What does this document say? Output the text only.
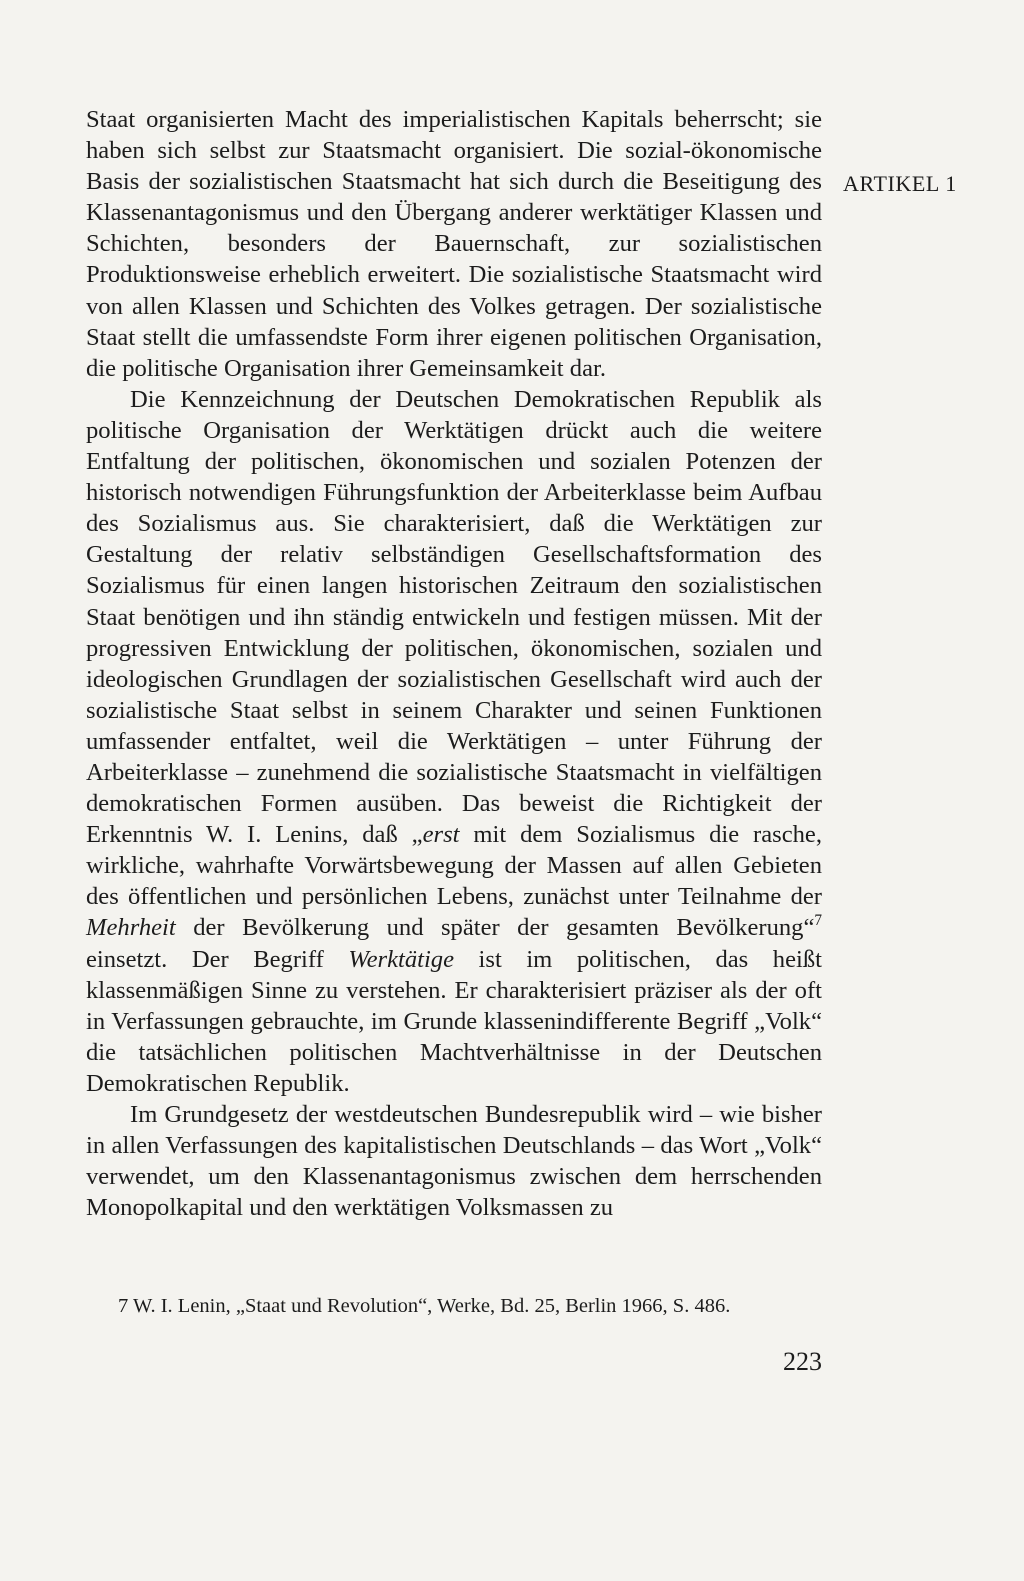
Staat organisierten Macht des imperialistischen Kapitals beherrscht; sie haben sich selbst zur Staatsmacht organisiert. Die sozial-ökonomische Basis der sozialistischen Staatsmacht hat sich durch die Beseitigung des Klassenantagonismus und den Übergang anderer werktätiger Klassen und Schichten, besonders der Bauernschaft, zur sozialistischen Produktionsweise erheblich erweitert. Die sozialistische Staatsmacht wird von allen Klassen und Schichten des Volkes getragen. Der sozialistische Staat stellt die umfassendste Form ihrer eigenen politischen Organisation, die politische Organisation ihrer Gemeinsamkeit dar.

Die Kennzeichnung der Deutschen Demokratischen Republik als politische Organisation der Werktätigen drückt auch die weitere Entfaltung der politischen, ökonomischen und sozialen Potenzen der historisch notwendigen Führungsfunktion der Arbeiterklasse beim Aufbau des Sozialismus aus. Sie charakterisiert, daß die Werktätigen zur Gestaltung der relativ selbständigen Gesellschaftsformation des Sozialismus für einen langen historischen Zeitraum den sozialistischen Staat benötigen und ihn ständig entwickeln und festigen müssen. Mit der progressiven Entwicklung der politischen, ökonomischen, sozialen und ideologischen Grundlagen der sozialistischen Gesellschaft wird auch der sozialistische Staat selbst in seinem Charakter und seinen Funktionen umfassender entfaltet, weil die Werktätigen – unter Führung der Arbeiterklasse – zunehmend die sozialistische Staatsmacht in vielfältigen demokratischen Formen ausüben. Das beweist die Richtigkeit der Erkenntnis W. I. Lenins, daß „erst mit dem Sozialismus die rasche, wirkliche, wahrhafte Vorwärtsbewegung der Massen auf allen Gebieten des öffentlichen und persönlichen Lebens, zunächst unter Teilnahme der Mehrheit der Bevölkerung und später der gesamten Bevölkerung“$^7$ einsetzt. Der Begriff Werktätige ist im politischen, das heißt klassenmäßigen Sinne zu verstehen. Er charakterisiert präziser als der oft in Verfassungen gebrauchte, im Grunde klassenindifferente Begriff „Volk“ die tatsächlichen politischen Machtverhältnisse in der Deutschen Demokratischen Republik.

Im Grundgesetz der westdeutschen Bundesrepublik wird – wie bisher in allen Verfassungen des kapitalistischen Deutschlands – das Wort „Volk“ verwendet, um den Klassenantagonismus zwischen dem herrschenden Monopolkapital und den werktätigen Volksmassen zu

ARTIKEL 1
7 W. I. Lenin, „Staat und Revolution“, Werke, Bd. 25, Berlin 1966, S. 486.
223
